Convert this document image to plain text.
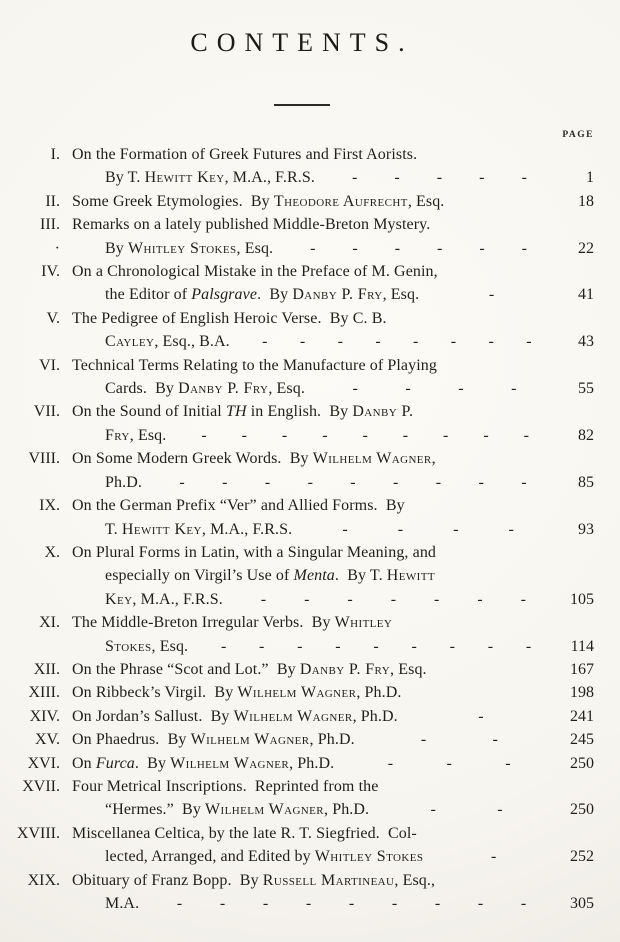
CONTENTS.
PAGE
I. On the Formation of Greek Futures and First Aorists.
By T. Hewitt Key, M.A., F.R.S. - - - - -	1
II. Some Greek Etymologies.  By Theodore Aufrecht, Esq.	18
III. Remarks on a lately published Middle-Breton Mystery.
·	By Whitley Stokes, Esq. - - - - - -	22
IV. On a Chronological Mistake in the Preface of M. Genin,
the Editor of Palsgrave.  By Danby P. Fry, Esq.	-	41
V. The Pedigree of English Heroic Verse.  By C. B.
Cayley, Esq., B.A. - - - - - - - -	43
VI. Technical Terms Relating to the Manufacture of Playing
Cards.  By Danby P. Fry, Esq.	-	-	-	-	55
VII. On the Sound of Initial TH in English.  By Danby P.
Fry, Esq. - - - - - - - - -	82
VIII. On Some Modern Greek Words.  By Wilhelm Wagner,
Ph.D. - - - - - - - - -	85
IX. On the German Prefix “Ver” and Allied Forms.  By
T. Hewitt Key, M.A., F.R.S.	-	-	-	-	93
X. On Plural Forms in Latin, with a Singular Meaning, and
especially on Virgil’s Use of Menta.  By T. Hewitt
Key, M.A., F.R.S. - - - - - - -	105
XI. The Middle-Breton Irregular Verbs.  By Whitley
Stokes, Esq. - - - - - - - - -	114
XII. On the Phrase “Scot and Lot.”  By Danby P. Fry, Esq.	167
XIII. On Ribbeck’s Virgil.  By Wilhelm Wagner, Ph.D.	198
XIV. On Jordan’s Sallust.  By Wilhelm Wagner, Ph.D.	-	241
XV. On Phaedrus.  By Wilhelm Wagner, Ph.D.	-	-	245
XVI. On Furca.  By Wilhelm Wagner, Ph.D.	-	-	-	250
XVII. Four Metrical Inscriptions.  Reprinted from the
“Hermes.”  By Wilhelm Wagner, Ph.D.	-	-	250
XVIII. Miscellanea Celtica, by the late R. T. Siegfried.  Col-
lected, Arranged, and Edited by Whitley Stokes	-	252
XIX. Obituary of Franz Bopp.  By Russell Martineau, Esq.,
M.A. - - - - - - - - -	305
